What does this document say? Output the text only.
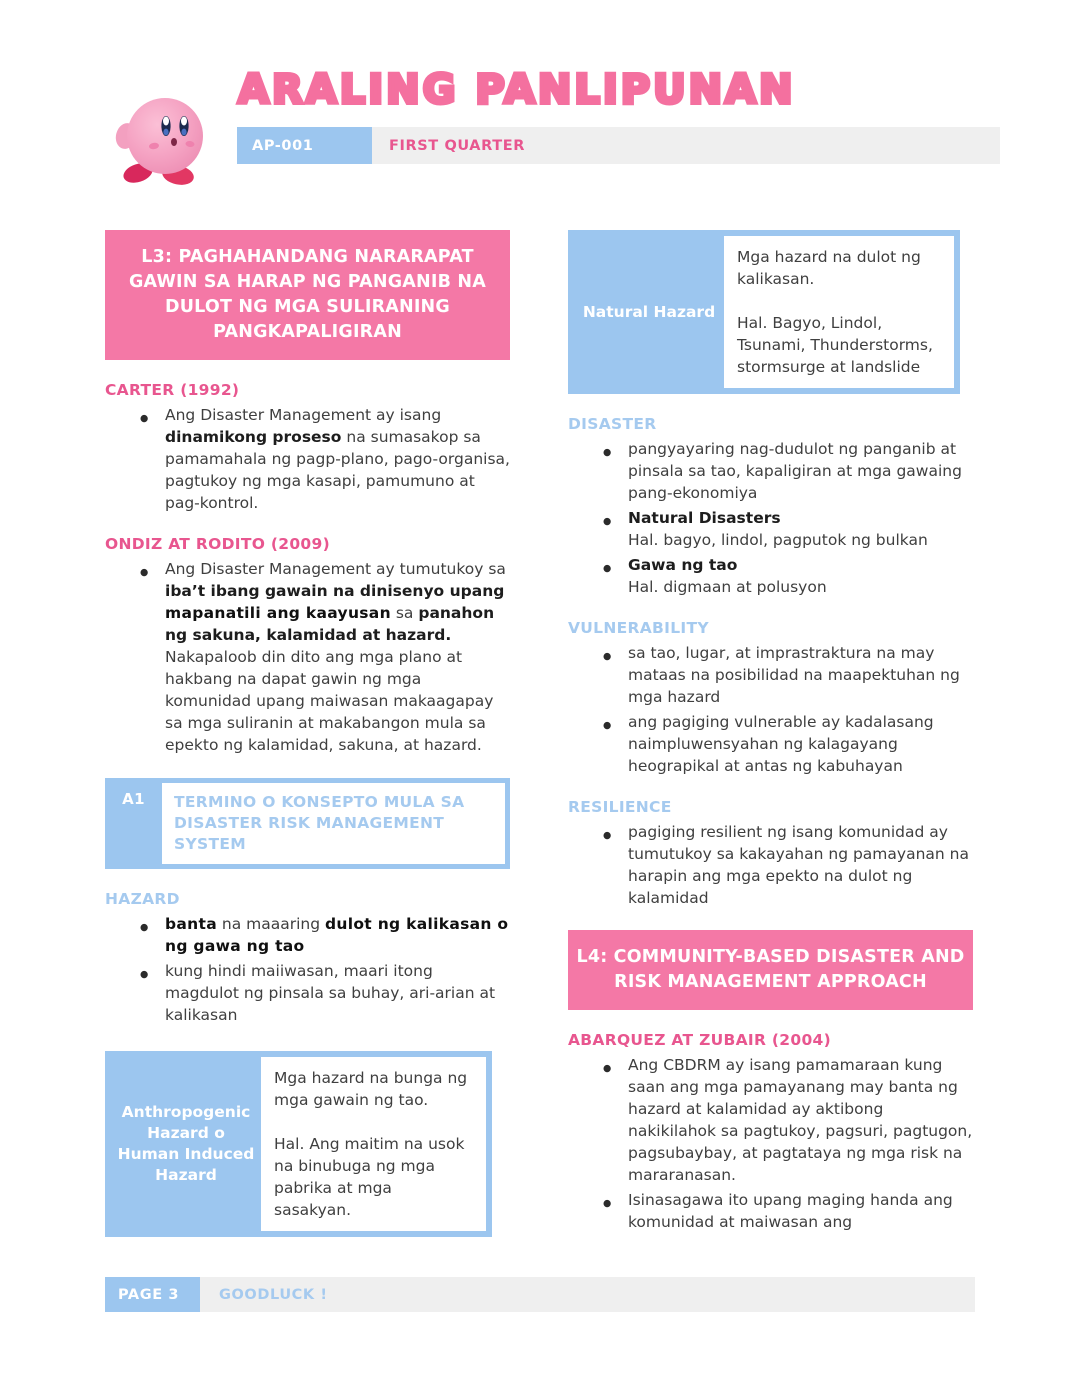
ARALING PANLIPUNAN
AP-001	FIRST QUARTER
L3: PAGHAHANDANG NARARAPAT GAWIN SA HARAP NG PANGANIB NA DULOT NG MGA SULIRANING PANGKAPALIGIRAN
CARTER (1992)
● Ang Disaster Management ay isang dinamikong proseso na sumasakop sa pamamahala ng pagp-plano, pago-organisa, pagtukoy ng mga kasapi, pamumuno at pag-kontrol.
ONDIZ AT RODITO (2009)
● Ang Disaster Management ay tumutukoy sa iba’t ibang gawain na dinisenyo upang mapanatili ang kaayusan sa panahon ng sakuna, kalamidad at hazard. Nakapaloob din dito ang mga plano at hakbang na dapat gawin ng mga komunidad upang maiwasan makaagapay sa mga suliranin at makabangon mula sa epekto ng kalamidad, sakuna, at hazard.
A1	TERMINO O KONSEPTO MULA SA DISASTER RISK MANAGEMENT SYSTEM
HAZARD
● banta na maaaring dulot ng kalikasan o ng gawa ng tao
● kung hindi maiiwasan, maari itong magdulot ng pinsala sa buhay, ari-arian at kalikasan
Anthropogenic Hazard o Human Induced Hazard
Mga hazard na bunga ng mga gawain ng tao.

Hal. Ang maitim na usok na binubuga ng mga pabrika at mga sasakyan.
Natural Hazard
Mga hazard na dulot ng kalikasan.

Hal. Bagyo, Lindol, Tsunami, Thunderstorms, stormsurge at landslide
DISASTER
● pangyayaring nag-dudulot ng panganib at pinsala sa tao, kapaligiran at mga gawaing pang-ekonomiya
● Natural Disasters
Hal. bagyo, lindol, pagputok ng bulkan
● Gawa ng tao
Hal. digmaan at polusyon
VULNERABILITY
● sa tao, lugar, at imprastraktura na may mataas na posibilidad na maapektuhan ng mga hazard
● ang pagiging vulnerable ay kadalasang naimpluwensyahan ng kalagayang heograpikal at antas ng kabuhayan
RESILIENCE
● pagiging resilient ng isang komunidad ay tumutukoy sa kakayahan ng pamayanan na harapin ang mga epekto na dulot ng kalamidad
L4: COMMUNITY-BASED DISASTER AND RISK MANAGEMENT APPROACH
ABARQUEZ AT ZUBAIR (2004)
● Ang CBDRM ay isang pamamaraan kung saan ang mga pamayanang may banta ng hazard at kalamidad ay aktibong nakikilahok sa pagtukoy, pagsuri, pagtugon, pagsubaybay, at pagtataya ng mga risk na mararanasan.
● Isinasagawa ito upang maging handa ang komunidad at maiwasan ang
PAGE 3	GOODLUCK !
